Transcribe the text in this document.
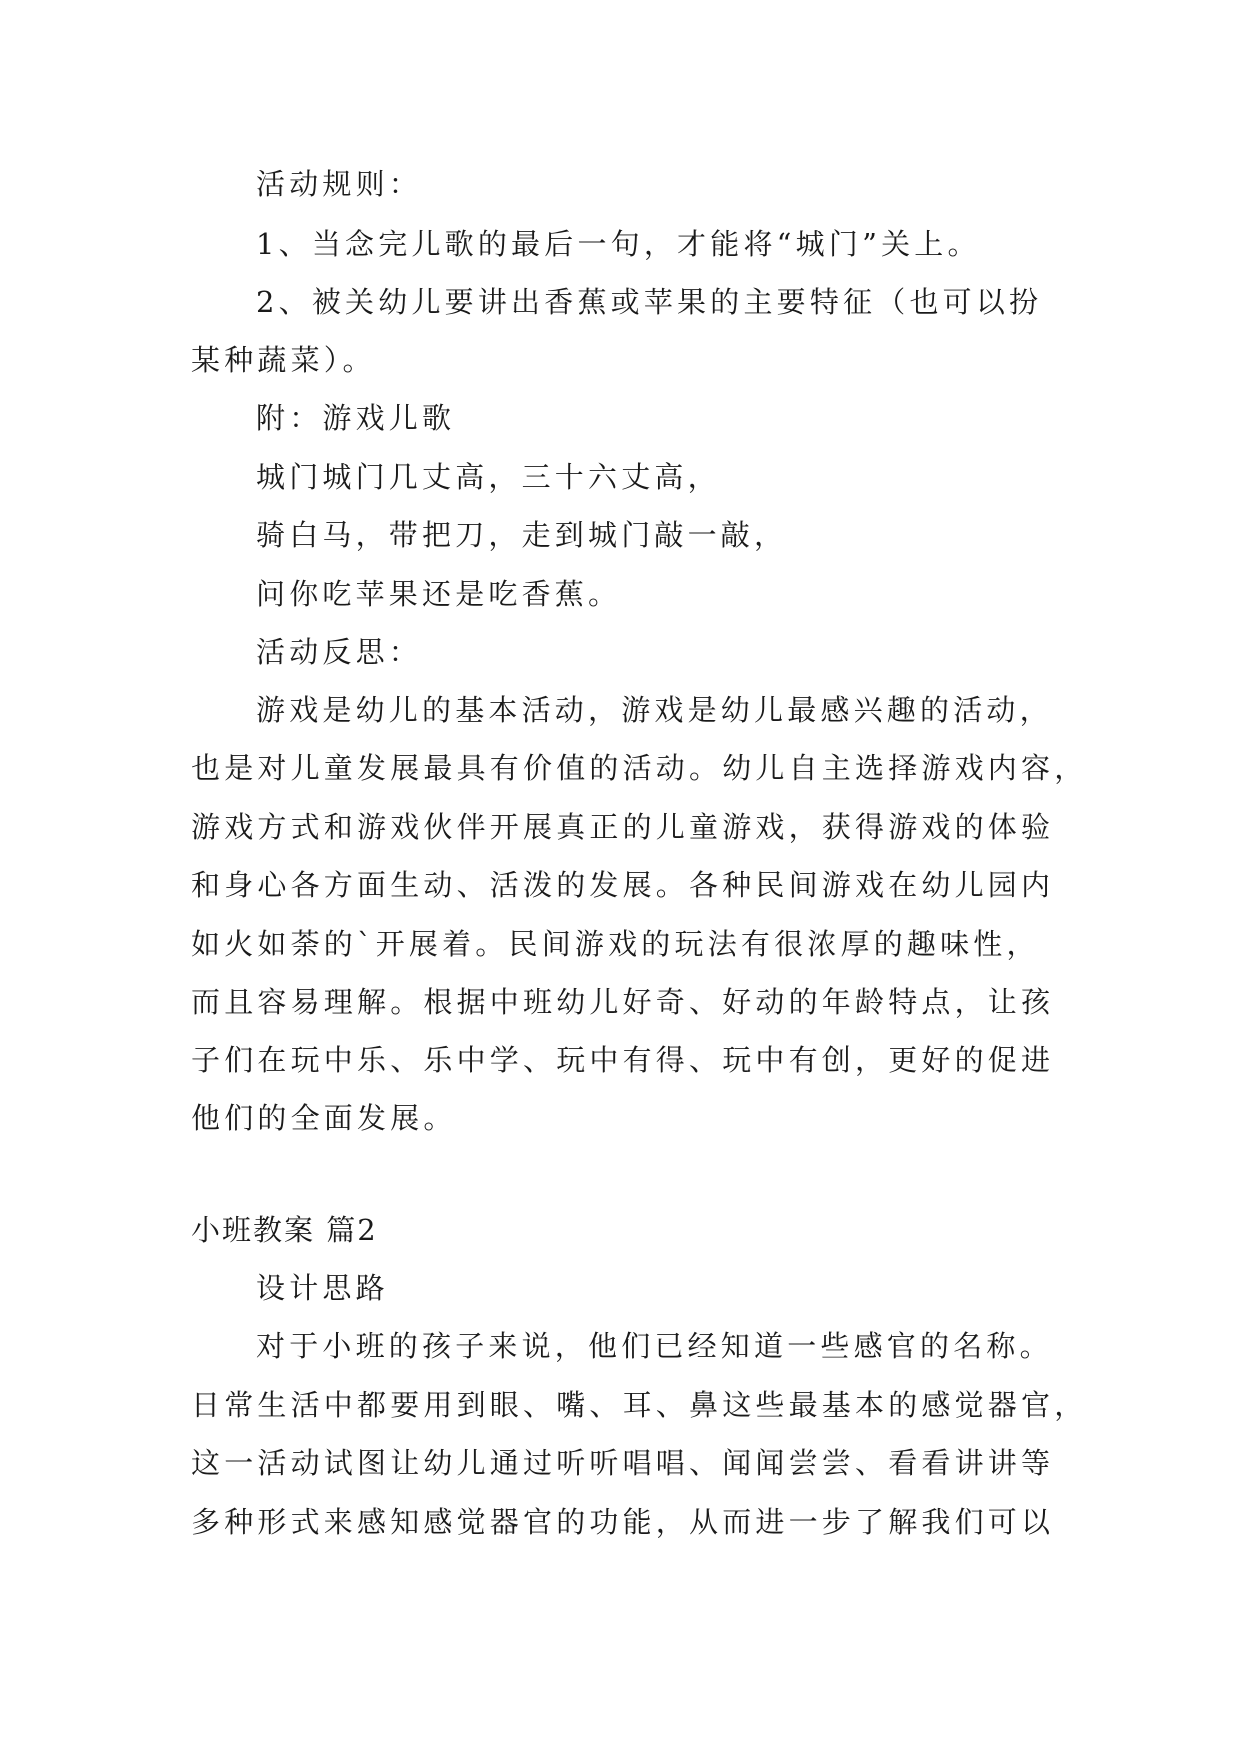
活动规则：
1、当念完儿歌的最后一句，才能将“城门”关上。
2、被关幼儿要讲出香蕉或苹果的主要特征（也可以扮
某种蔬菜）。
附：游戏儿歌
城门城门几丈高，三十六丈高，
骑白马，带把刀，走到城门敲一敲，
问你吃苹果还是吃香蕉。
活动反思：
游戏是幼儿的基本活动，游戏是幼儿最感兴趣的活动，
也是对儿童发展最具有价值的活动。幼儿自主选择游戏内容，
游戏方式和游戏伙伴开展真正的儿童游戏，获得游戏的体验
和身心各方面生动、活泼的发展。各种民间游戏在幼儿园内
如火如荼的`开展着。民间游戏的玩法有很浓厚的趣味性，
而且容易理解。根据中班幼儿好奇、好动的年龄特点，让孩
子们在玩中乐、乐中学、玩中有得、玩中有创，更好的促进
他们的全面发展。
小班教案 篇2
设计思路
对于小班的孩子来说，他们已经知道一些感官的名称。
日常生活中都要用到眼、嘴、耳、鼻这些最基本的感觉器官，
这一活动试图让幼儿通过听听唱唱、闻闻尝尝、看看讲讲等
多种形式来感知感觉器官的功能，从而进一步了解我们可以
